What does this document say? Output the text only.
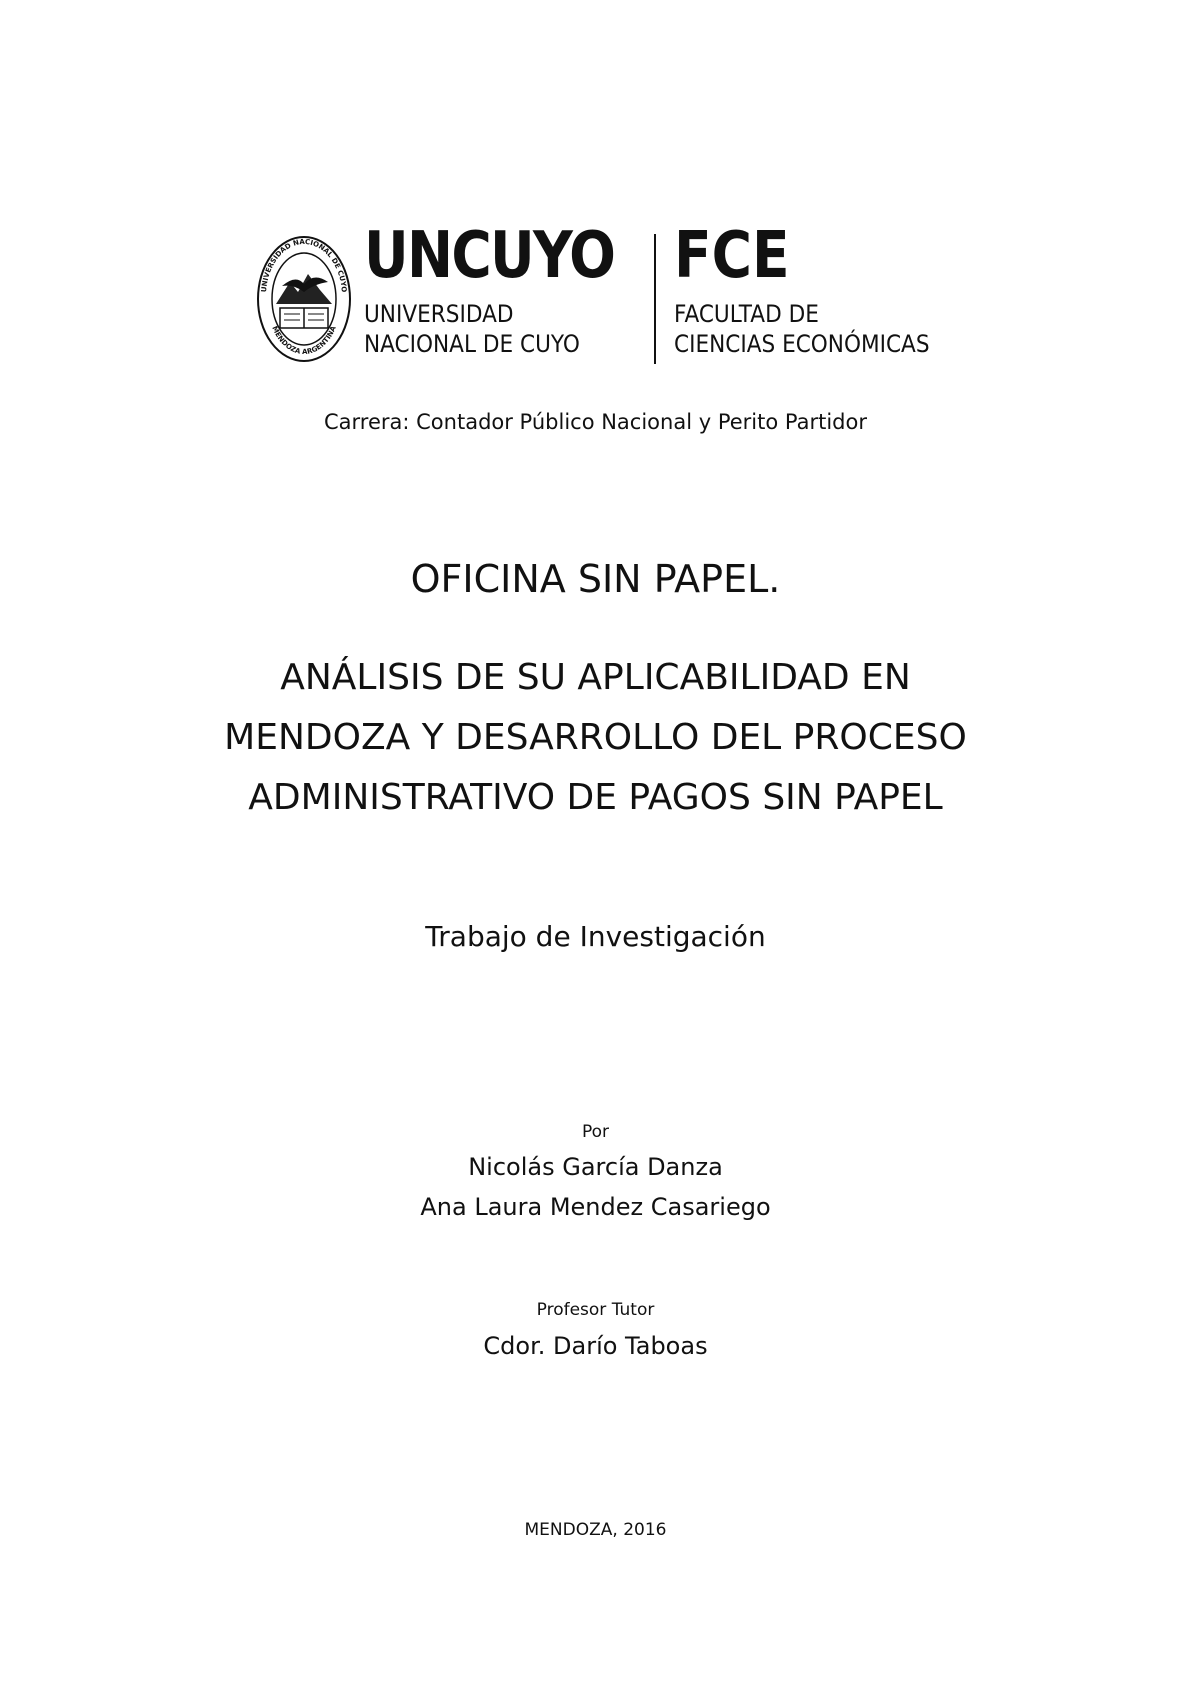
UNIVERSIDAD NACIONAL DE CUYO
MENDOZA ARGENTINA
UNCUYO
UNIVERSIDAD
NACIONAL DE CUYO
FCE
FACULTAD DE
CIENCIAS ECONÓMICAS
Carrera: Contador Público Nacional y Perito Partidor
OFICINA SIN PAPEL.
ANÁLISIS DE SU APLICABILIDAD EN
MENDOZA Y DESARROLLO DEL PROCESO
ADMINISTRATIVO DE PAGOS SIN PAPEL
Trabajo de Investigación
Por
Nicolás García Danza
Ana Laura Mendez Casariego
Profesor Tutor
Cdor. Darío Taboas
MENDOZA, 2016
